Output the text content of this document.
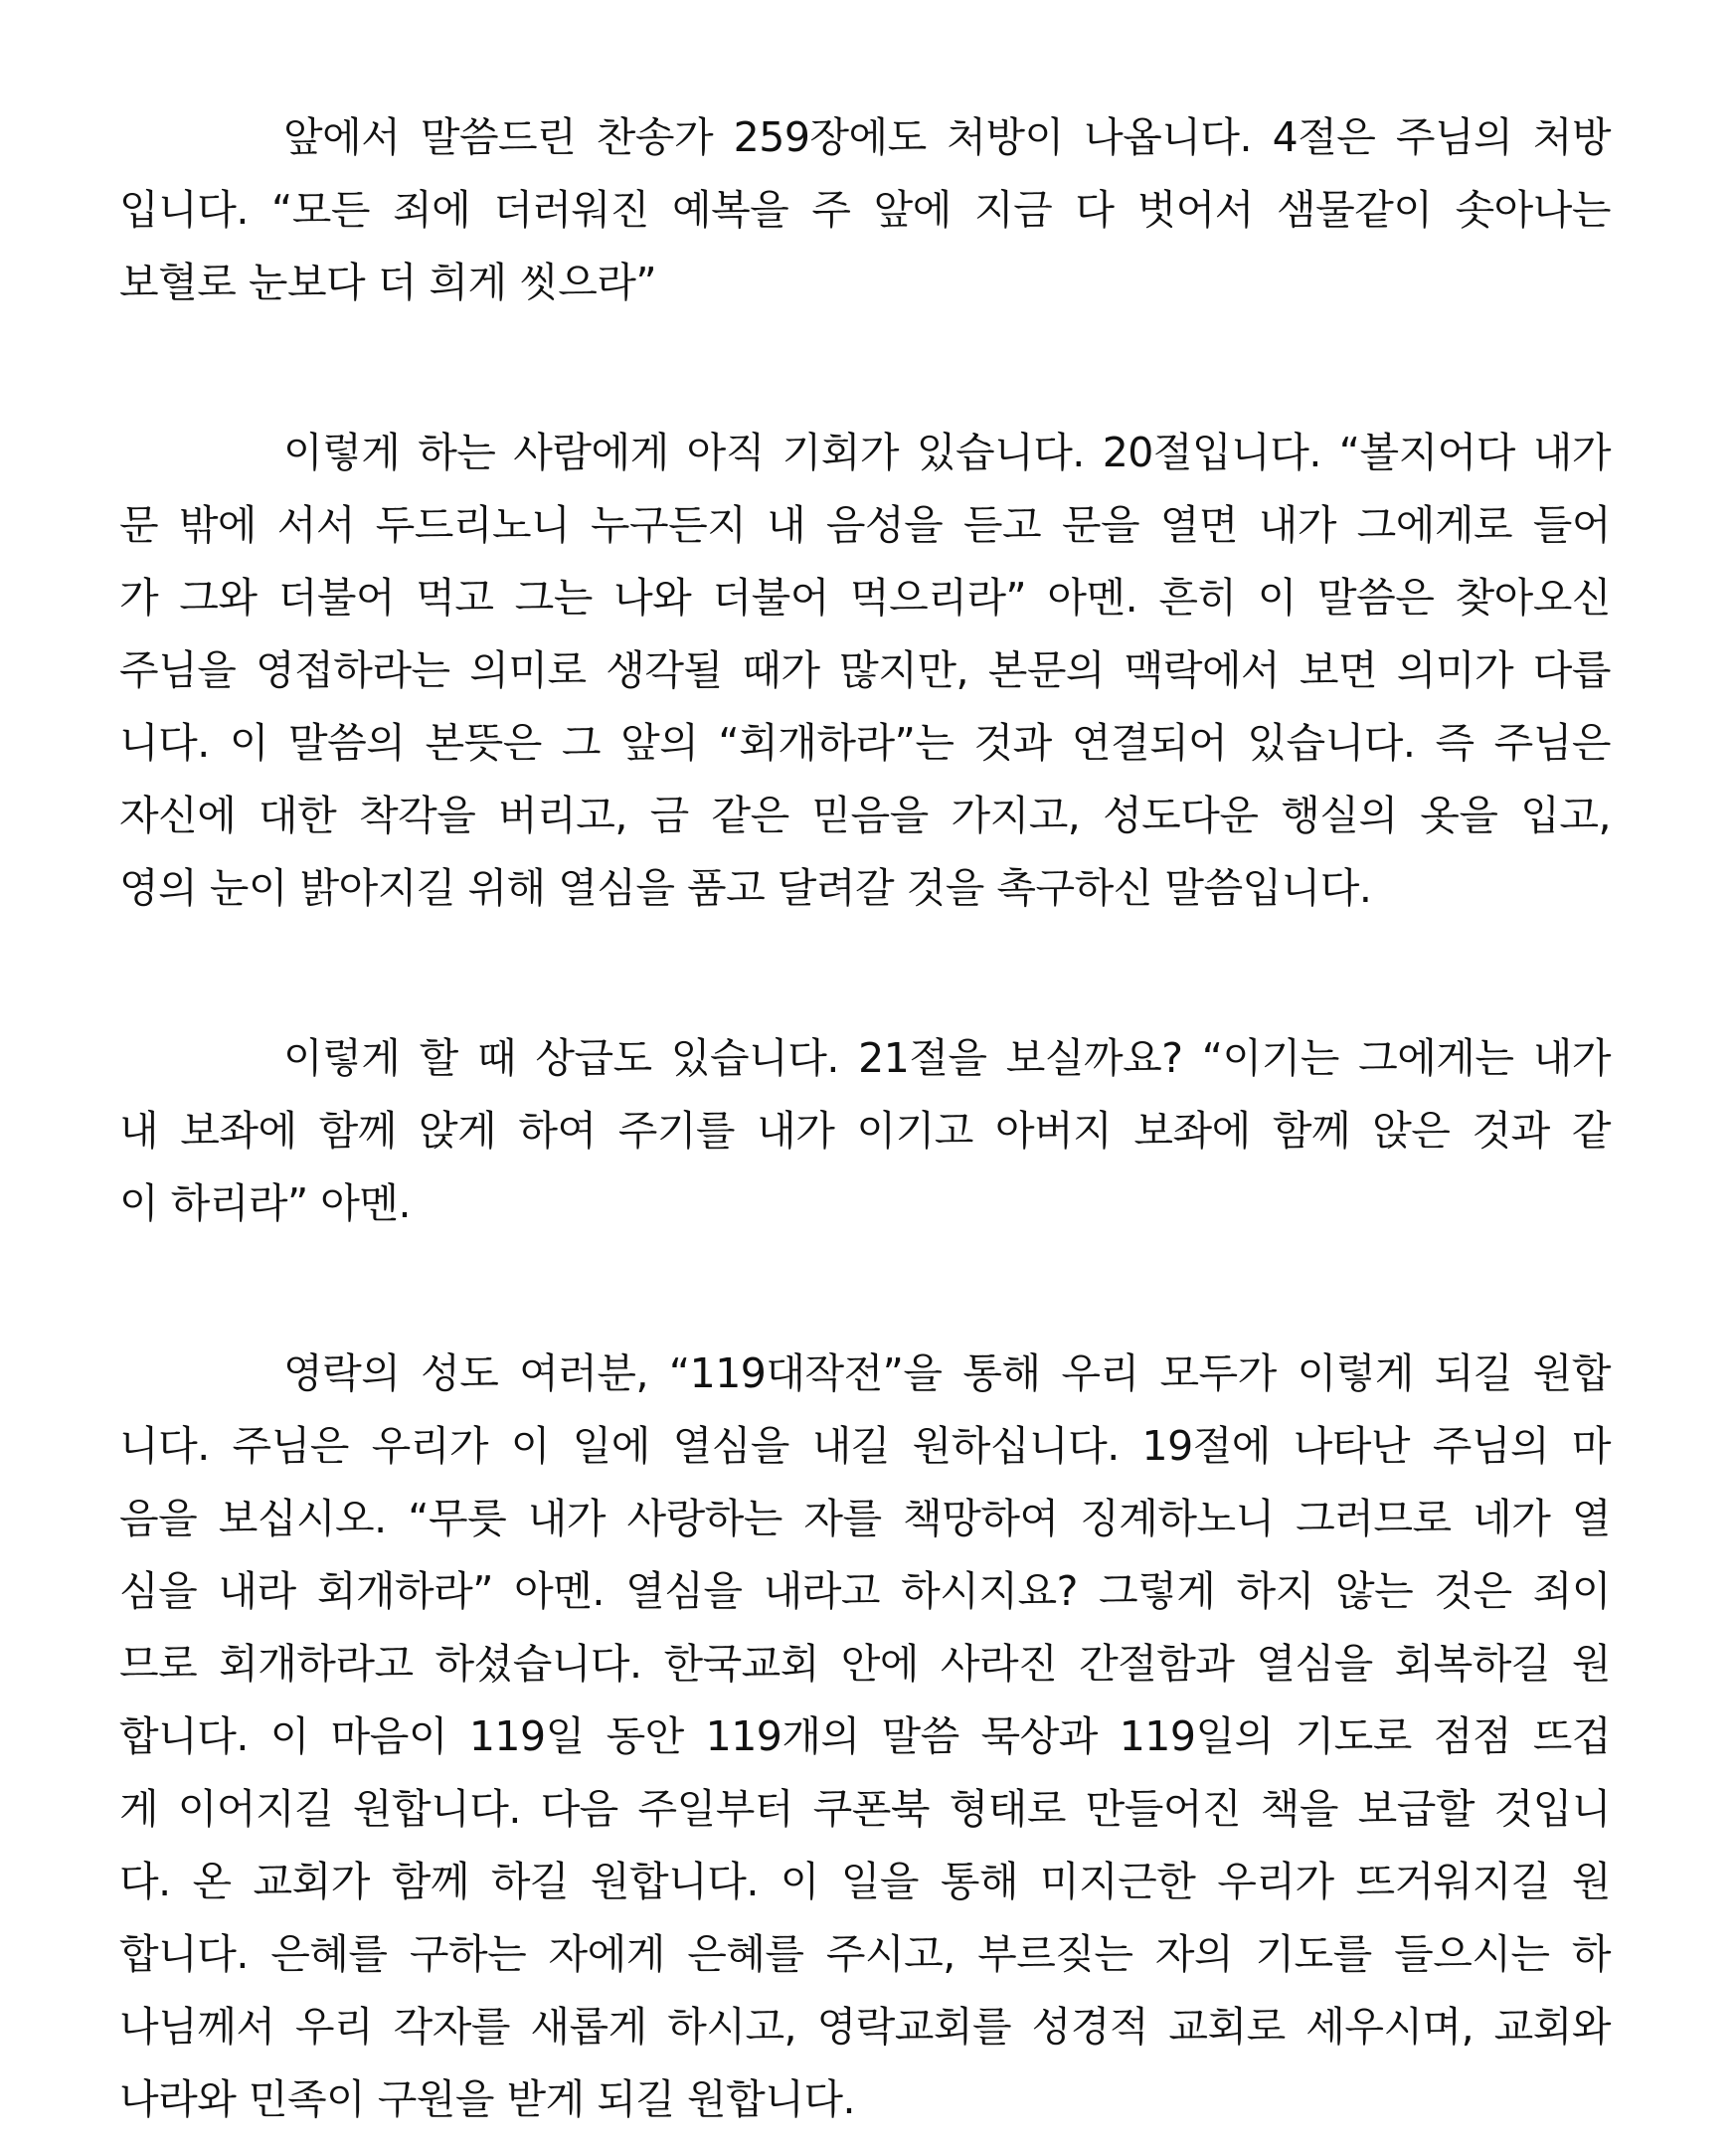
앞에서 말씀드린 찬송가 259장에도 처방이 나옵니다. 4절은 주님의 처방
입니다. “모든 죄에 더러워진 예복을 주 앞에 지금 다 벗어서 샘물같이 솟아나는
보혈로 눈보다 더 희게 씻으라”

이렇게 하는 사람에게 아직 기회가 있습니다. 20절입니다. “볼지어다 내가
문 밖에 서서 두드리노니 누구든지 내 음성을 듣고 문을 열면 내가 그에게로 들어
가 그와 더불어 먹고 그는 나와 더불어 먹으리라” 아멘. 흔히 이 말씀은 찾아오신
주님을 영접하라는 의미로 생각될 때가 많지만, 본문의 맥락에서 보면 의미가 다릅
니다. 이 말씀의 본뜻은 그 앞의 “회개하라”는 것과 연결되어 있습니다. 즉 주님은
자신에 대한 착각을 버리고, 금 같은 믿음을 가지고, 성도다운 행실의 옷을 입고,
영의 눈이 밝아지길 위해 열심을 품고 달려갈 것을 촉구하신 말씀입니다.

이렇게 할 때 상급도 있습니다. 21절을 보실까요? “이기는 그에게는 내가
내 보좌에 함께 앉게 하여 주기를 내가 이기고 아버지 보좌에 함께 앉은 것과 같
이 하리라” 아멘.

영락의 성도 여러분, “119대작전”을 통해 우리 모두가 이렇게 되길 원합
니다. 주님은 우리가 이 일에 열심을 내길 원하십니다. 19절에 나타난 주님의 마
음을 보십시오. “무릇 내가 사랑하는 자를 책망하여 징계하노니 그러므로 네가 열
심을 내라 회개하라” 아멘. 열심을 내라고 하시지요? 그렇게 하지 않는 것은 죄이
므로 회개하라고 하셨습니다. 한국교회 안에 사라진 간절함과 열심을 회복하길 원
합니다. 이 마음이 119일 동안 119개의 말씀 묵상과 119일의 기도로 점점 뜨겁
게 이어지길 원합니다. 다음 주일부터 쿠폰북 형태로 만들어진 책을 보급할 것입니
다. 온 교회가 함께 하길 원합니다. 이 일을 통해 미지근한 우리가 뜨거워지길 원
합니다. 은혜를 구하는 자에게 은혜를 주시고, 부르짖는 자의 기도를 들으시는 하
나님께서 우리 각자를 새롭게 하시고, 영락교회를 성경적 교회로 세우시며, 교회와
나라와 민족이 구원을 받게 되길 원합니다.
